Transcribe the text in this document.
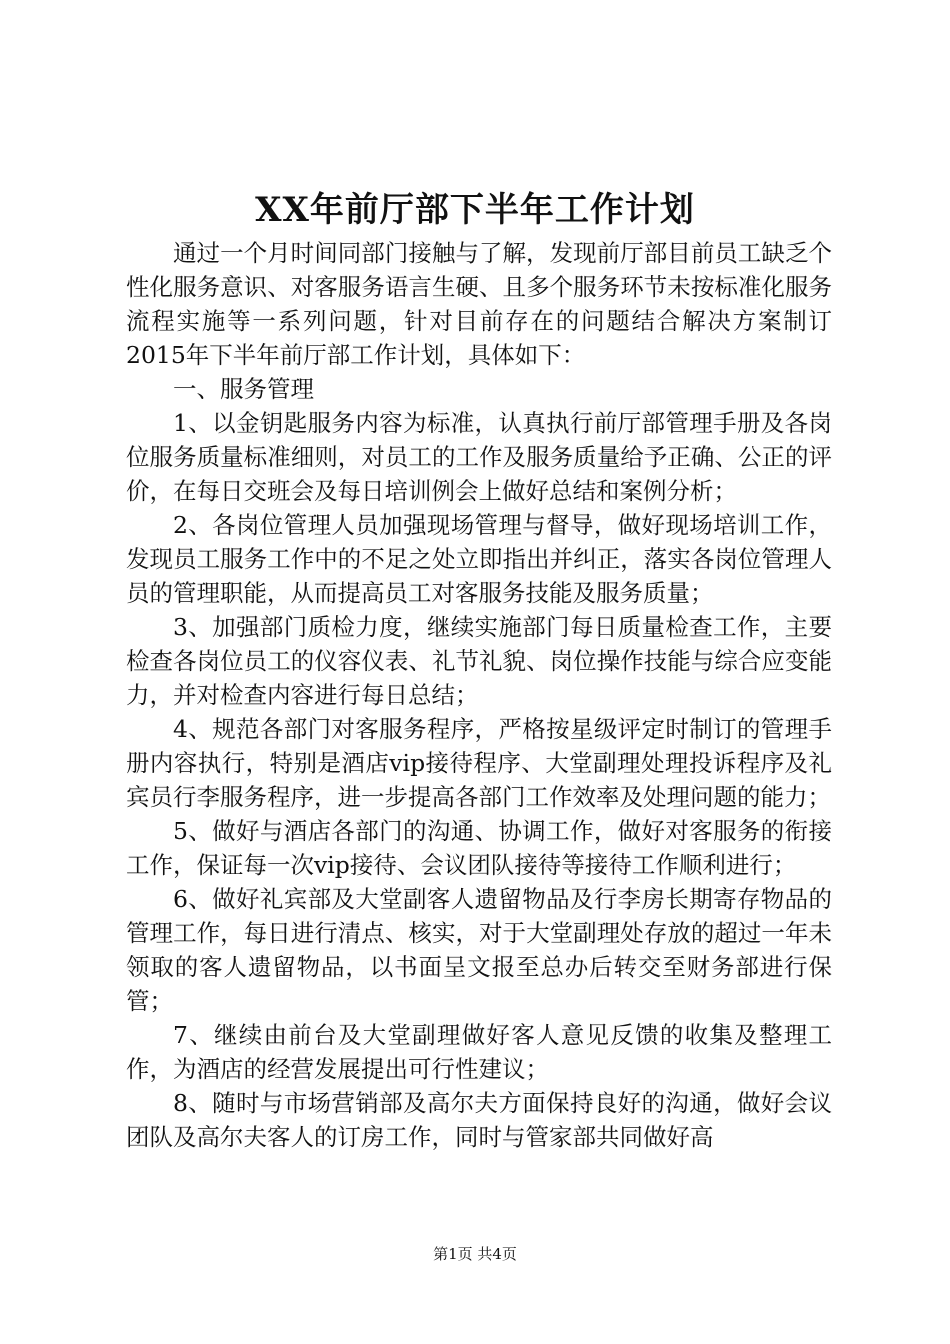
XX年前厅部下半年工作计划

通过一个月时间同部门接触与了解，发现前厅部目前员工缺乏个性化服务意识、对客服务语言生硬、且多个服务环节未按标准化服务流程实施等一系列问题，针对目前存在的问题结合解决方案制订2015年下半年前厅部工作计划，具体如下：

一、服务管理

1、以金钥匙服务内容为标准，认真执行前厅部管理手册及各岗位服务质量标准细则，对员工的工作及服务质量给予正确、公正的评价，在每日交班会及每日培训例会上做好总结和案例分析；

2、各岗位管理人员加强现场管理与督导，做好现场培训工作，发现员工服务工作中的不足之处立即指出并纠正，落实各岗位管理人员的管理职能，从而提高员工对客服务技能及服务质量；

3、加强部门质检力度，继续实施部门每日质量检查工作，主要检查各岗位员工的仪容仪表、礼节礼貌、岗位操作技能与综合应变能力，并对检查内容进行每日总结；

4、规范各部门对客服务程序，严格按星级评定时制订的管理手册内容执行，特别是酒店vip接待程序、大堂副理处理投诉程序及礼宾员行李服务程序，进一步提高各部门工作效率及处理问题的能力；

5、做好与酒店各部门的沟通、协调工作，做好对客服务的衔接工作，保证每一次vip接待、会议团队接待等接待工作顺利进行；

6、做好礼宾部及大堂副客人遗留物品及行李房长期寄存物品的管理工作，每日进行清点、核实，对于大堂副理处存放的超过一年未领取的客人遗留物品，以书面呈文报至总办后转交至财务部进行保管；

7、继续由前台及大堂副理做好客人意见反馈的收集及整理工作，为酒店的经营发展提出可行性建议；

8、随时与市场营销部及高尔夫方面保持良好的沟通，做好会议团队及高尔夫客人的订房工作，同时与管家部共同做好高

第1页 共4页
